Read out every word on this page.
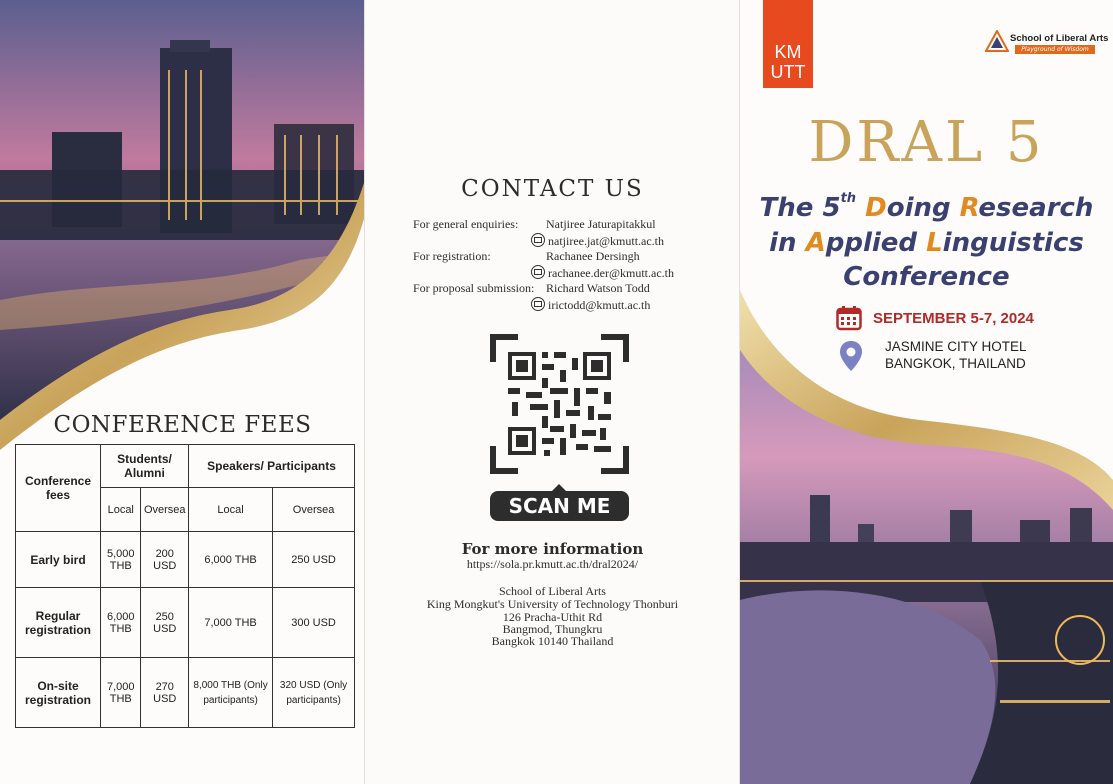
CONFERENCE FEES
Conference fees	Students/ Alumni		Speakers/ Participants	
	Local	Oversea	Local	Oversea
Early bird	5,000 THB	200 USD	6,000 THB	250 USD
Regular registration	6,000 THB	250 USD	7,000 THB	300 USD
On-site registration	7,000 THB	270 USD	8,000 THB (Only participants)	320 USD (Only participants)
CONTACT US
For general enquiries: Natjiree Jaturapitakkul
natjiree.jat@kmutt.ac.th
For registration:	Rachanee Dersingh
rachanee.der@kmutt.ac.th
For proposal submission: Richard Watson Todd
irictodd@kmutt.ac.th
SCAN ME
For more information
https://sola.pr.kmutt.ac.th/dral2024/
School of Liberal Arts
King Mongkut's University of Technology Thonburi
126 Pracha-Uthit Rd
Bangmod, Thungkru
Bangkok 10140 Thailand
KM
UTT
School of Liberal Arts
Playground of Wisdom
DRAL 5
The 5th Doing Research
in Applied Linguistics
Conference
SEPTEMBER 5-7, 2024
JASMINE CITY HOTEL
BANGKOK, THAILAND
